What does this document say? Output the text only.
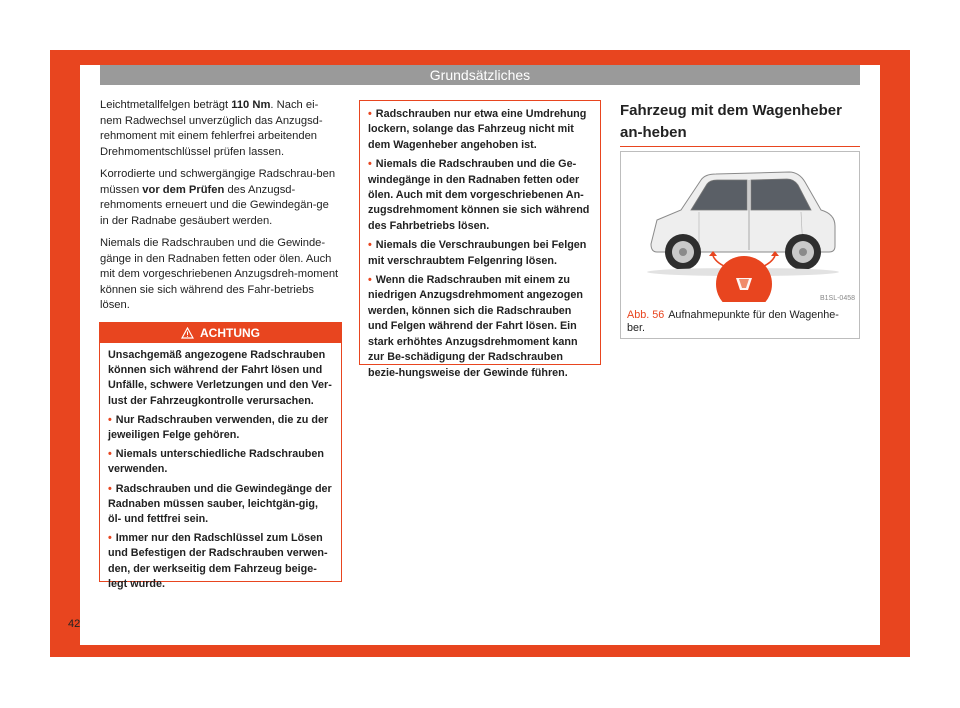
Grundsätzliches

Leichtmetallfelgen beträgt 110 Nm. Nach ei-nem Radwechsel unverzüglich das Anzugsd-rehmoment mit einem fehlerfrei arbeitenden Drehmomentschlüssel prüfen lassen.

Korrodierte und schwergängige Radschrau-ben müssen vor dem Prüfen des Anzugsd-rehmoments erneuert und die Gewindegän-ge in der Radnabe gesäubert werden.

Niemals die Radschrauben und die Gewinde-gänge in den Radnaben fetten oder ölen. Auch mit dem vorgeschriebenen Anzugsdreh-moment können sie sich während des Fahr-betriebs lösen.

ACHTUNG

Unsachgemäß angezogene Radschrauben können sich während der Fahrt lösen und Unfälle, schwere Verletzungen und den Ver-lust der Fahrzeugkontrolle verursachen.

• Nur Radschrauben verwenden, die zu der jeweiligen Felge gehören.

• Niemals unterschiedliche Radschrauben verwenden.

• Radschrauben und die Gewindegänge der Radnaben müssen sauber, leichtgän-gig, öl- und fettfrei sein.

• Immer nur den Radschlüssel zum Lösen und Befestigen der Radschrauben verwen-den, der werkseitig dem Fahrzeug beige-legt wurde.

• Radschrauben nur etwa eine Umdrehung lockern, solange das Fahrzeug nicht mit dem Wagenheber angehoben ist.

• Niemals die Radschrauben und die Ge-windegänge in den Radnaben fetten oder ölen. Auch mit dem vorgeschriebenen An-zugsdrehmoment können sie sich während des Fahrbetriebs lösen.

• Niemals die Verschraubungen bei Felgen mit verschraubtem Felgenring lösen.

• Wenn die Radschrauben mit einem zu niedrigen Anzugsdrehmoment angezogen werden, können sich die Radschrauben und Felgen während der Fahrt lösen. Ein stark erhöhtes Anzugsdrehmoment kann zur Be-schädigung der Radschrauben bezie-hungsweise der Gewinde führen.

Fahrzeug mit dem Wagenheber an-heben
B1SL-0458
Abb. 56 Aufnahmepunkte für den Wagenhe-ber.
42
